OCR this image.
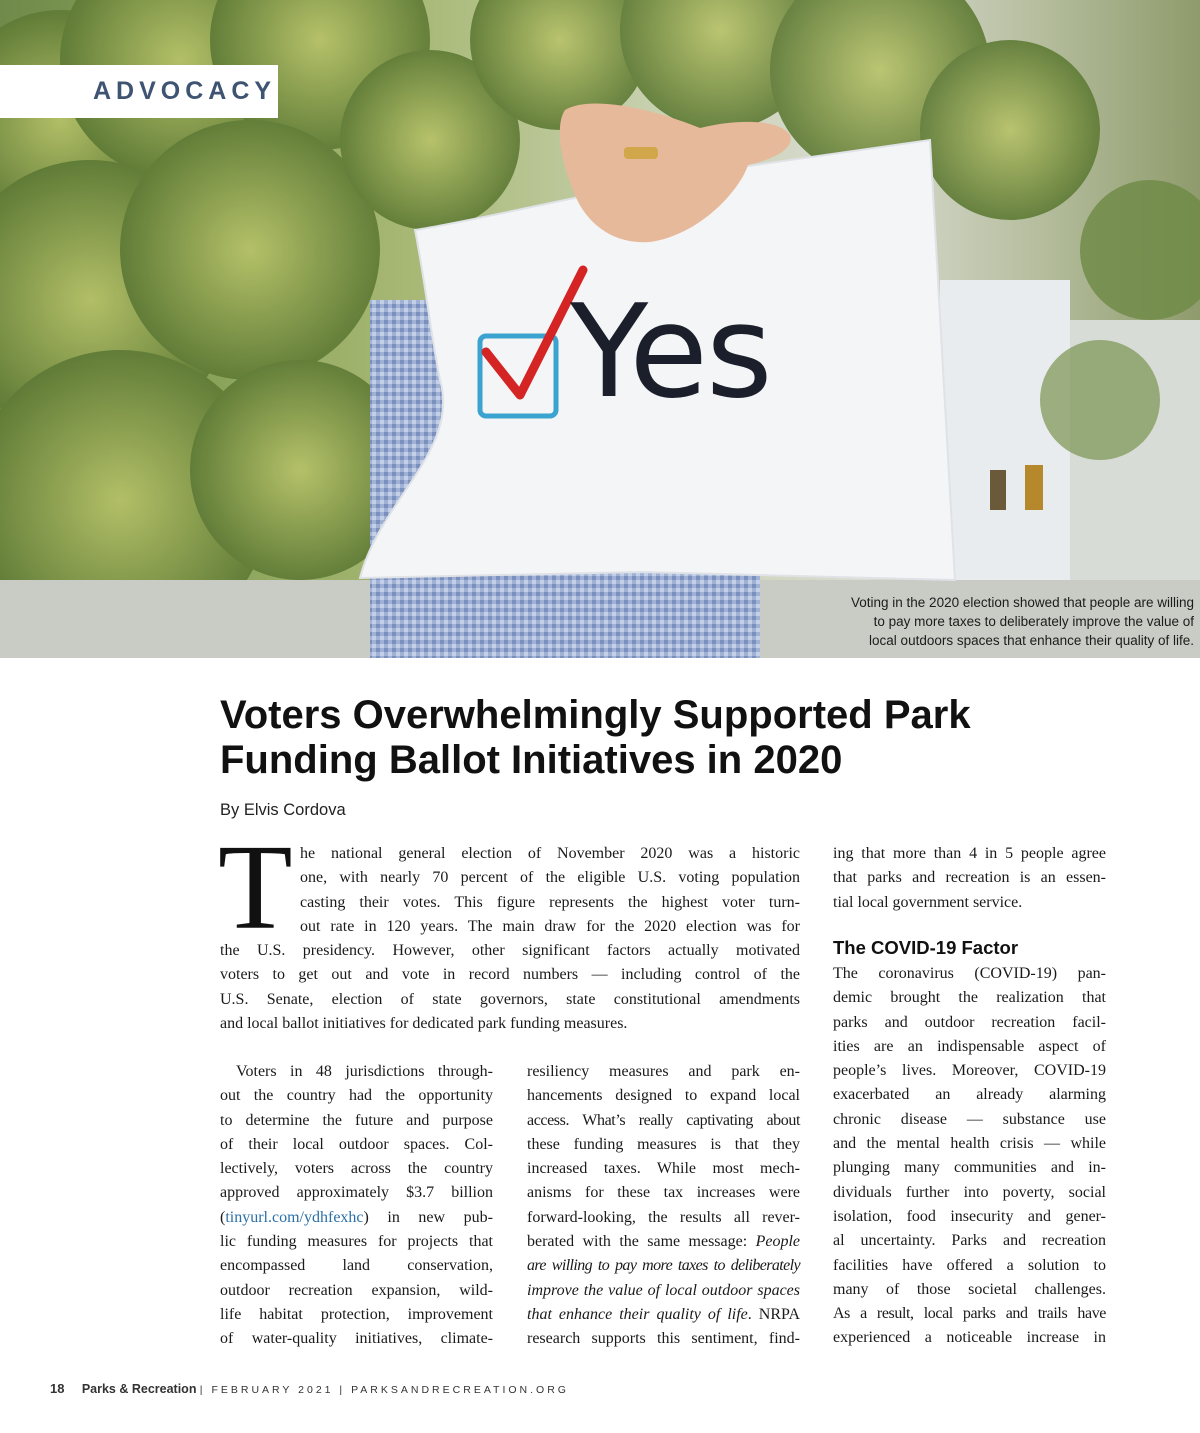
Yes
ADVOCACY
Voting in the 2020 election showed that people are willing
to pay more taxes to deliberately improve the value of
local outdoors spaces that enhance their quality of life.
Voters Overwhelmingly Supported Park
Funding Ballot Initiatives in 2020
By Elvis Cordova
T he national general election of November 2020 was a historic
one, with nearly 70 percent of the eligible U.S. voting population
casting their votes. This figure represents the highest voter turn-
out rate in 120 years. The main draw for the 2020 election was for
the U.S. presidency. However, other significant factors actually motivated
voters to get out and vote in record numbers — including control of the
U.S. Senate, election of state governors, state constitutional amendments
and local ballot initiatives for dedicated park funding measures.
Voters in 48 jurisdictions through-
out the country had the opportunity
to determine the future and purpose
of their local outdoor spaces. Col-
lectively, voters across the country
approved approximately $3.7 billion
(tinyurl.com/ydhfexhc) in new pub-
lic funding measures for projects that
encompassed land conservation,
outdoor recreation expansion, wild-
life habitat protection, improvement
of water-quality initiatives, climate-
resiliency measures and park en-
hancements designed to expand local
access. What’s really captivating about
these funding measures is that they
increased taxes. While most mech-
anisms for these tax increases were
forward-looking, the results all rever-
berated with the same message: People
are willing to pay more taxes to deliberately
improve the value of local outdoor spaces
that enhance their quality of life. NRPA
research supports this sentiment, find-
ing that more than 4 in 5 people agree
that parks and recreation is an essen-
tial local government service.
The COVID-19 Factor
The coronavirus (COVID-19) pan-
demic brought the realization that
parks and outdoor recreation facil-
ities are an indispensable aspect of
people’s lives. Moreover, COVID-19
exacerbated an already alarming
chronic disease — substance use
and the mental health crisis — while
plunging many communities and in-
dividuals further into poverty, social
isolation, food insecurity and gener-
al uncertainty. Parks and recreation
facilities have offered a solution to
many of those societal challenges.
As a result, local parks and trails have
experienced a noticeable increase in
18 Parks & Recreation | FEBRUARY 2021 | PARKSANDRECREATION.ORG
